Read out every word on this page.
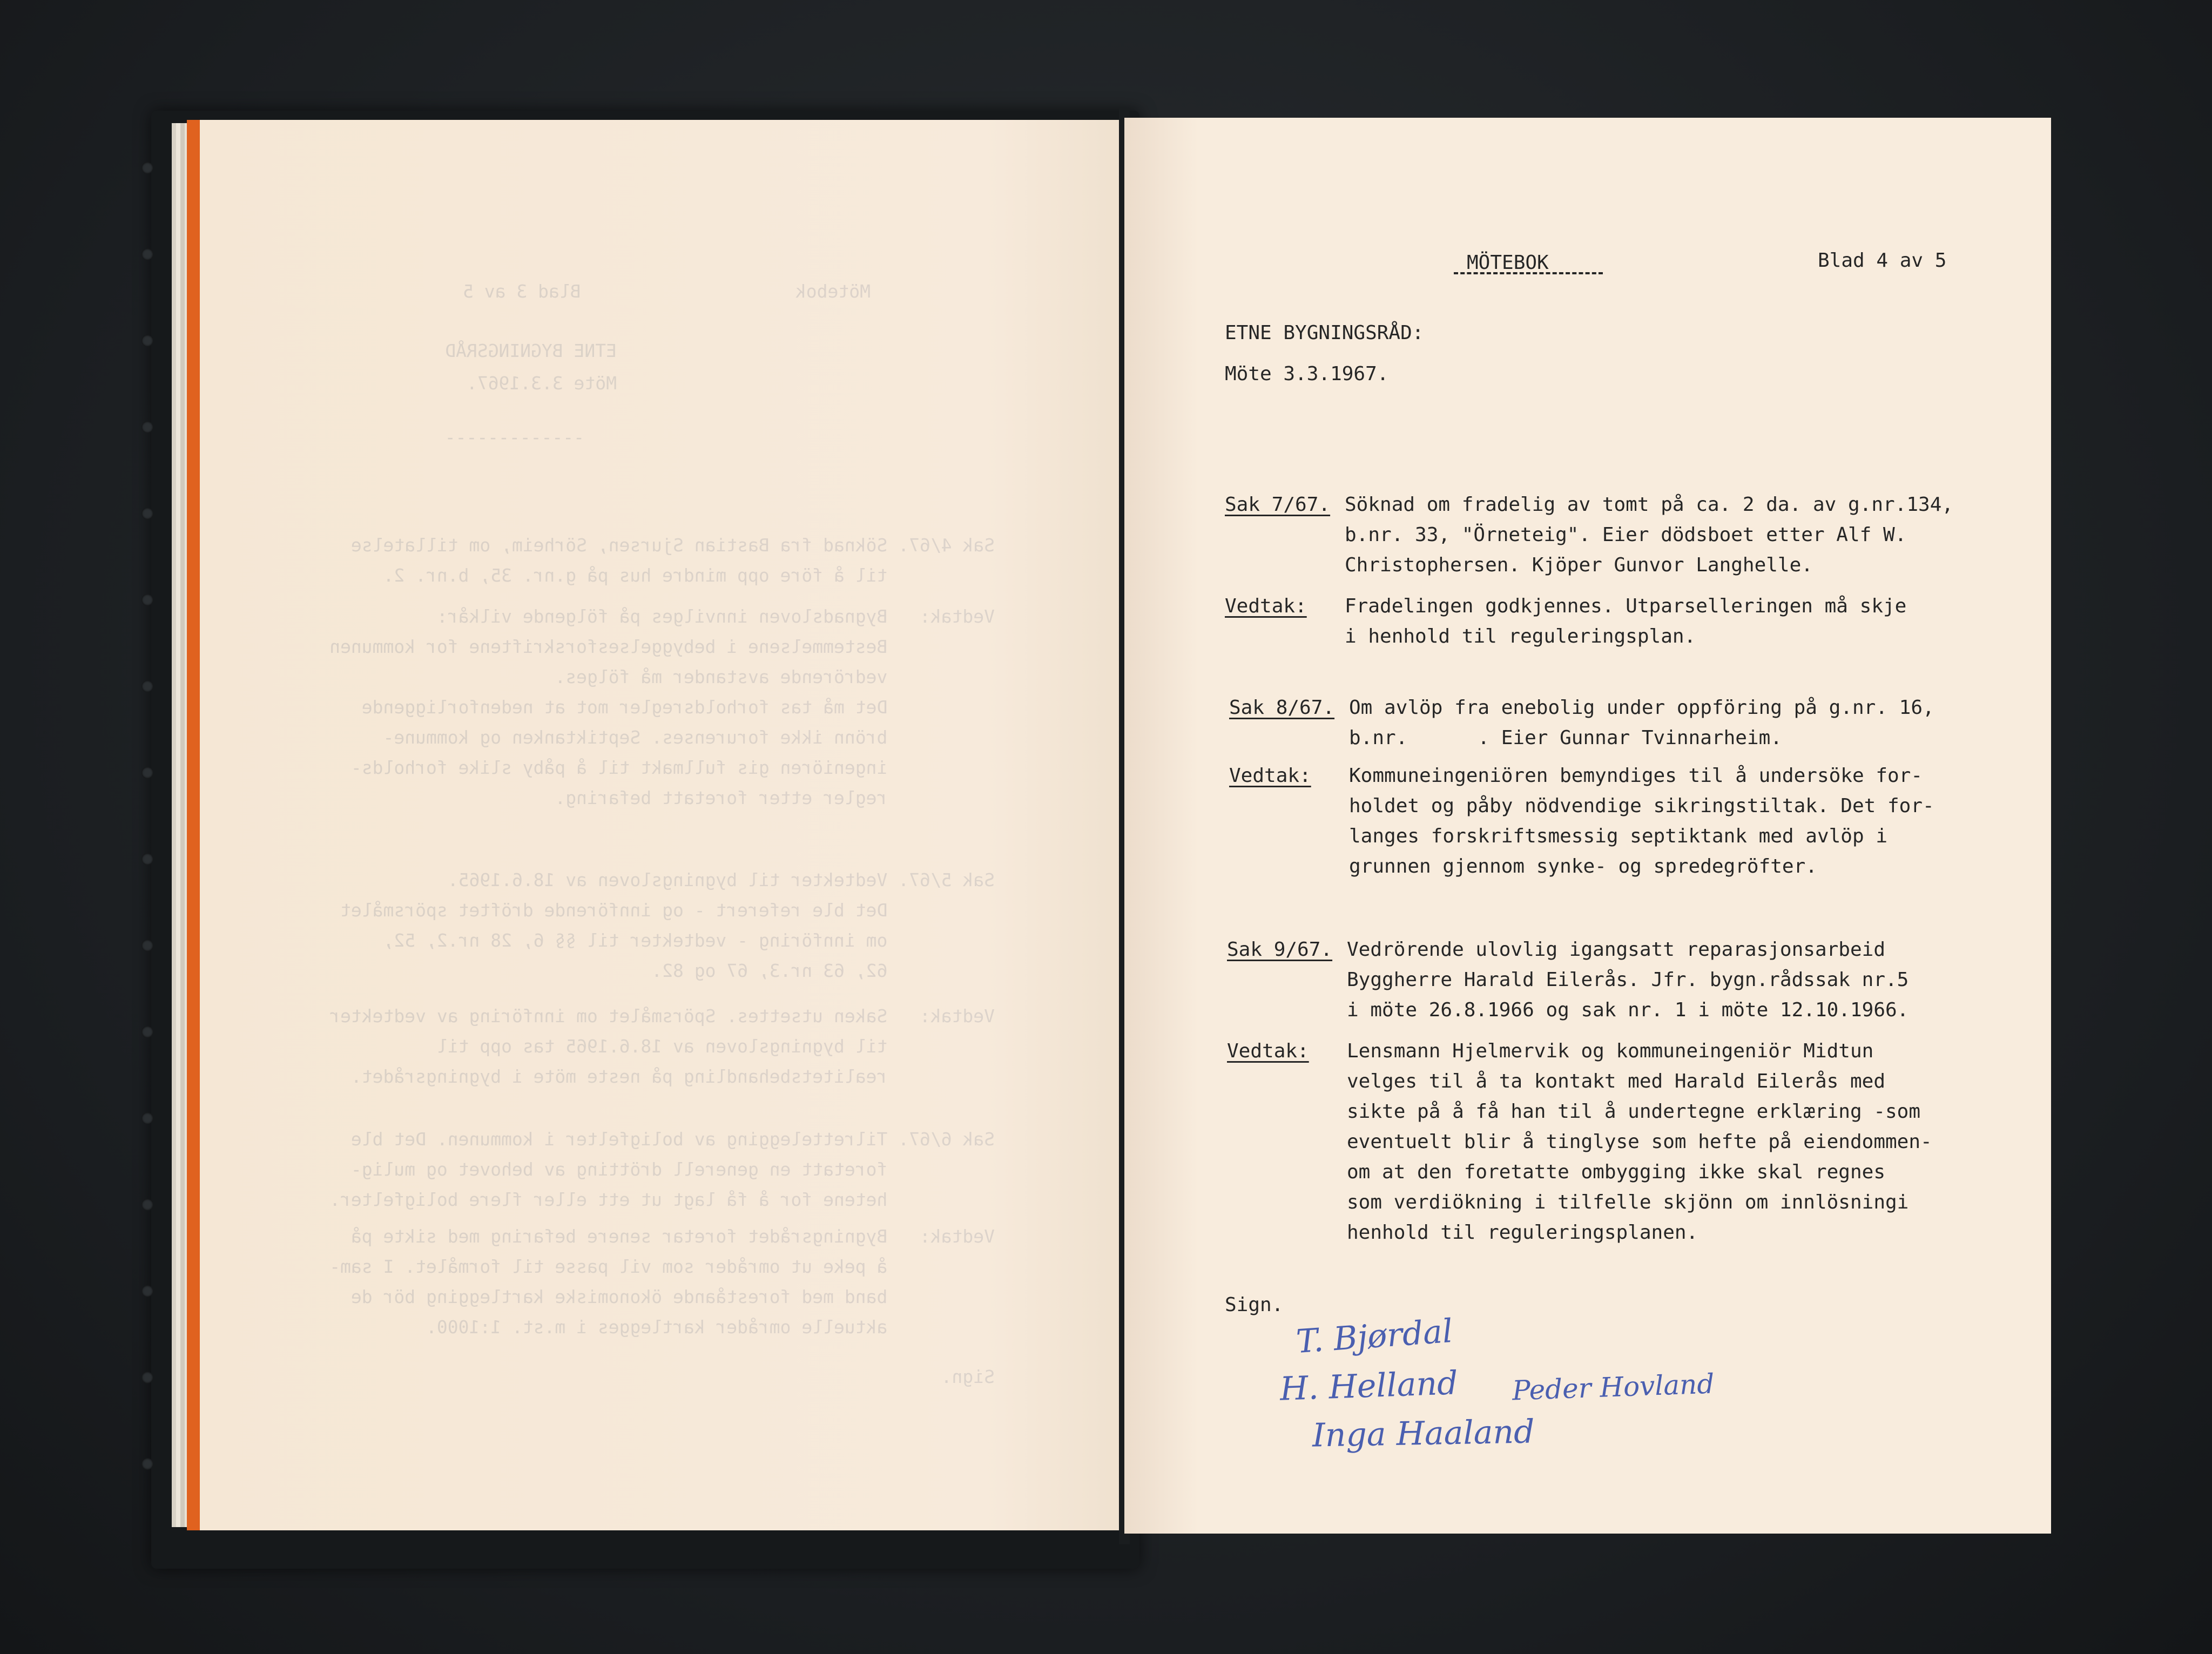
Mötebok                    Blad 3 av 5
ETNE BYGNINGSRÅD
Möte 3.3.1967.
-------------
Sak 4/67. Söknad fra Bastian Sjursen, Sörheim, om tillatelse
til å före opp mindre hus på g.nr. 35, b.nr. 2.
Vedtak:   Bygnadsloven innvilges på fölgende vilkår:
Bestemmelsene i bebyggelsesforskriftene for kommunen
vedrörende avstander må fölges.
Det må tas forholdsregler mot at nedenforliggende
brönn ikke forurenses. Septiktanken og kommune-
ingeniören gis fullmakt til å påby slike forholds-
regler etter foretatt befaring.
Sak 5/67. Vedtekter til bygningsloven av 18.6.1965.
Det ble referert - og innförende dröftet spörsmålet
om innföring - vedtekter til §§ 6, 28 nr.2, 52,
62, 63 nr.3, 67 og 82.
Vedtak:   Saken utsettes. Spörsmålet om innföring av vedtekter
til bygningsloven av 18.6.1965 tas opp til
realitetsbehandling på neste möte i bygningsrådet.
Sak 6/67. Tilrettelegging av boligfelter i kommunen. Det ble
foretatt en generell drötting av behovet og mulig-
hetene for å få lagt ut ett eller flere boligfelter.
Vedtak:   Bygningsrådet foretar senere befaring med sikte på
å peke ut områder som vil passe til formålet. I sam-
band med foreståande ökonomiske kartlegging bör de
aktuelle områder kartlegges i m.st. 1:1000.
Sign.
MÖTEBOK	Blad 4 av 5
ETNE BYGNINGSRÅD:
Möte 3.3.1967.
Sak 7/67. Söknad om fradelig av tomt på ca. 2 da. av g.nr.134,
b.nr. 33, "Örneteig". Eier dödsboet etter Alf W.
Christophersen. Kjöper Gunvor Langhelle.
Vedtak: Fradelingen godkjennes. Utparselleringen må skje
i henhold til reguleringsplan.
Sak 8/67. Om avlöp fra enebolig under oppföring på g.nr. 16,
b.nr.      . Eier Gunnar Tvinnarheim.
Vedtak: Kommuneingeniören bemyndiges til å undersöke for-
holdet og påby nödvendige sikringstiltak. Det for-
langes forskriftsmessig septiktank med avlöp i
grunnen gjennom synke- og spredegröfter.
Sak 9/67. Vedrörende ulovlig igangsatt reparasjonsarbeid
Byggherre Harald Eilerås. Jfr. bygn.rådssak nr.5
i möte 26.8.1966 og sak nr. 1 i möte 12.10.1966.
Vedtak: Lensmann Hjelmervik og kommuneingeniör Midtun
velges til å ta kontakt med Harald Eilerås med
sikte på å få han til å undertegne erklæring -som
eventuelt blir å tinglyse som hefte på eiendommen-
om at den foretatte ombygging ikke skal regnes
som verdiökning i tilfelle skjönn om innlösningi
henhold til reguleringsplanen.
Sign.
T. Bjørdal
H. Helland Peder Hovland
Inga Haaland
